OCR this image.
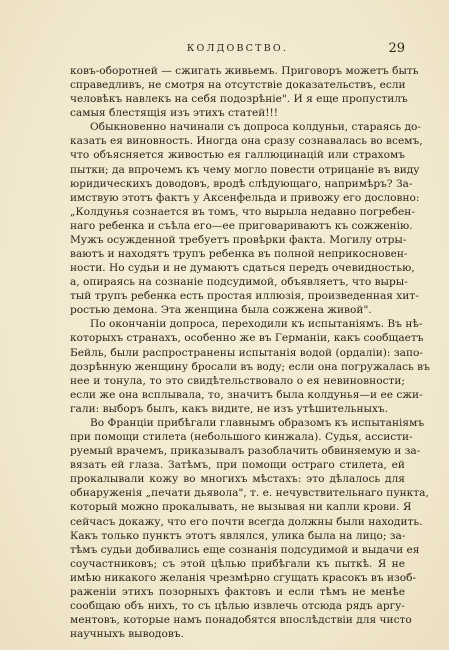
КОЛДОВСТВО.	29
ковъ-оборотней — сжигать живьемъ. Приговоръ можетъ быть
справедливъ, не смотря на отсутствіе доказательствъ, если
человѣкъ навлекъ на себя подозрѣніе". И я еще пропустилъ
самыя блестящія изъ этихъ статей!!!
Обыкновенно начинали съ допроса колдуньи, стараясь до-
казать ея виновность. Иногда она сразу сознавалась во всемъ,
что объясняется живостью ея галлюцинацій или страхомъ
пытки; да впрочемъ къ чему могло повести отрицаніе въ виду
юридическихъ доводовъ, вродѣ слѣдующаго, напримѣръ? За-
имствую этотъ фактъ у Аксенфельда и привожу его дословно:
„Колдунья сознается въ томъ, что вырыла недавно погребен-
наго ребенка и съѣла его—ее приговариваютъ къ сожженію.
Мужъ осужденной требуетъ провѣрки факта. Могилу отры-
ваютъ и находятъ трупъ ребенка въ полной неприкосновен-
ности. Но судьи и не думаютъ сдаться передъ очевидностью,
а, опираясь на сознаніе подсудимой, объявляетъ, что выры-
тый трупъ ребенка есть простая иллюзія, произведенная хит-
ростью демона. Эта женщина была сожжена живой".
По окончаніи допроса, переходили къ испытаніямъ. Въ нѣ-
которыхъ странахъ, особенно же въ Германіи, какъ сообщаетъ
Бейль, были распространены испытанія водой (ордаліи): запо-
дозрѣнную женщину бросали въ воду; если она погружалась въ
нее и тонула, то это свидѣтельствовало о ея невиновности;
если же она всплывала, то, значитъ была колдунья—и ее сжи-
гали: выборъ былъ, какъ видите, не изъ утѣшительныхъ.
Во Франціи прибѣгали главнымъ образомъ къ испытаніямъ
при помощи стилета (небольшого кинжала). Судья, ассисти-
руемый врачемъ, приказывалъ разоблачить обвиняемую и за-
вязать ей глаза. Затѣмъ, при помощи остраго стилета, ей
прокалывали кожу во многихъ мѣстахъ: это дѣлалось для
обнаруженія „печати дьявола", т. е. нечувствительнаго пункта,
который можно прокалывать, не вызывая ни капли крови. Я
сейчасъ докажу, что его почти всегда должны были находить.
Какъ только пунктъ этотъ являлся, улика была на лицо; за-
тѣмъ судьи добивались еще сознанія подсудимой и выдачи ея
соучастниковъ; съ этой цѣлью прибѣгали къ пыткѣ. Я не
имѣю никакого желанія чрезмѣрно сгущать красокъ въ изоб-
раженіи этихъ позорныхъ фактовъ и если тѣмъ не менѣе
сообщаю объ нихъ, то съ цѣлью извлечь отсюда рядъ аргу-
ментовъ, которые намъ понадобятся впослѣдствіи для чисто
научныхъ выводовъ.
